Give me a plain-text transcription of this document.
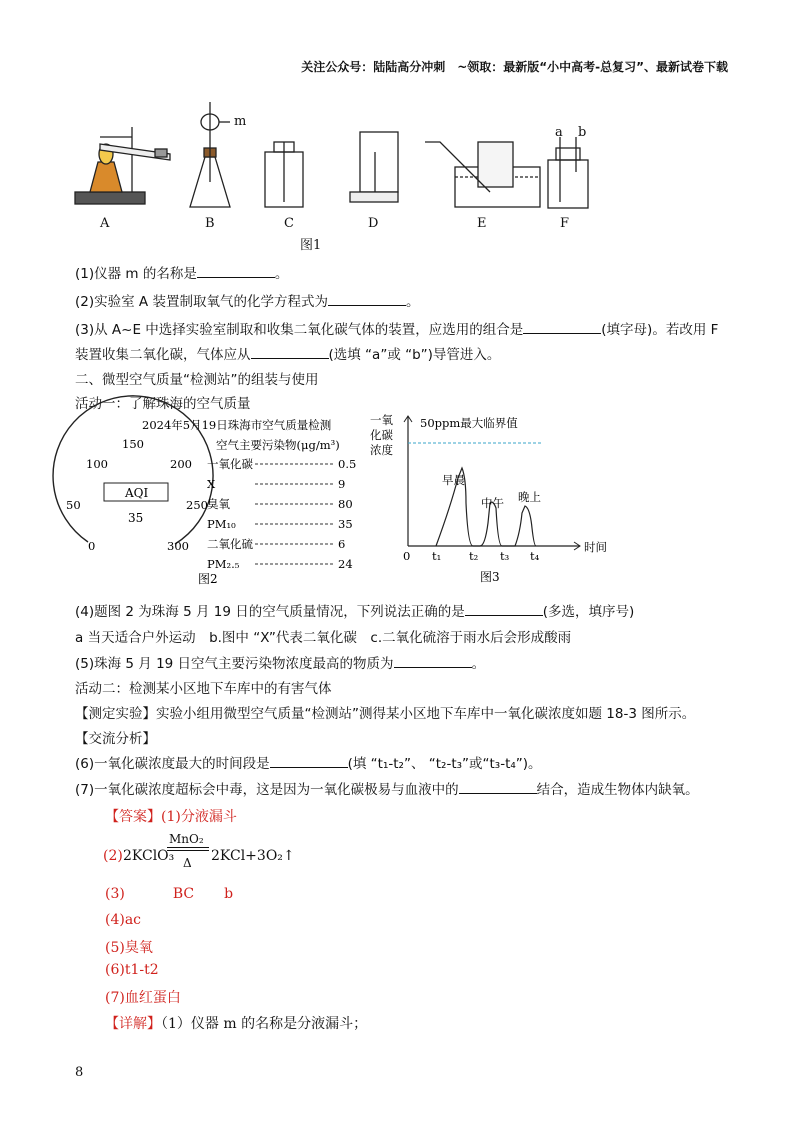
关注公众号：陆陆高分冲刺　~领取：最新版“小中高考-总复习”、最新试卷下载
A	B	C	D	E	F
m
a b
图1
(1)仪器 m 的名称是	。
(2)实验室 A 装置制取氧气的化学方程式为	。
(3)从 A~E 中选择实验室制取和收集二氧化碳气体的装置，应选用的组合是	(填字母)。若改用 F
装置收集二氧化碳，气体应从	(选填 “a”或 “b”)导管进入。
二、微型空气质量“检测站”的组装与使用
活动一：了解珠海的空气质量
2024年5月19日珠海市空气质量检测
0
50
100
150
200
250
300
AQI
35
空气主要污染物(μg/m³)
一氧化碳	0.5
X	9
臭氧	80
PM₁₀	35
二氧化硫	6
PM₂.₅	24
图2
一氧
化碳
浓度
50ppm最大临界值
0 t₁ t₂ t₃ t₄
时间
早晨
中午 晚上
图3
(4)题图 2 为珠海 5 月 19 日的空气质量情况，下列说法正确的是	(多选，填序号)
a 当天适合户外运动　b.图中 “X”代表二氧化碳　c.二氧化硫溶于雨水后会形成酸雨
(5)珠海 5 月 19 日空气主要污染物浓度最高的物质为	。
活动二：检测某小区地下车库中的有害气体
【测定实验】实验小组用微型空气质量“检测站”测得某小区地下车库中一氧化碳浓度如题 18-3 图所示。
【交流分析】
(6)一氧化碳浓度最大的时间段是	(填 “t₁-t₂”、 “t₂-t₃”或“t₃-t₄”)。
(7)一氧化碳浓度超标会中毒，这是因为一氧化碳极易与血液中的	结合，造成生物体内缺氧。
【答案】(1)分液漏斗
(2) 2KClO₃
MnO₂
Δ 2KCl+3O₂↑
(3)	BC b
(4)ac
(5)臭氧
(6)t1-t2
(7)血红蛋白
【详解】（1）仪器 m 的名称是分液漏斗；
8
